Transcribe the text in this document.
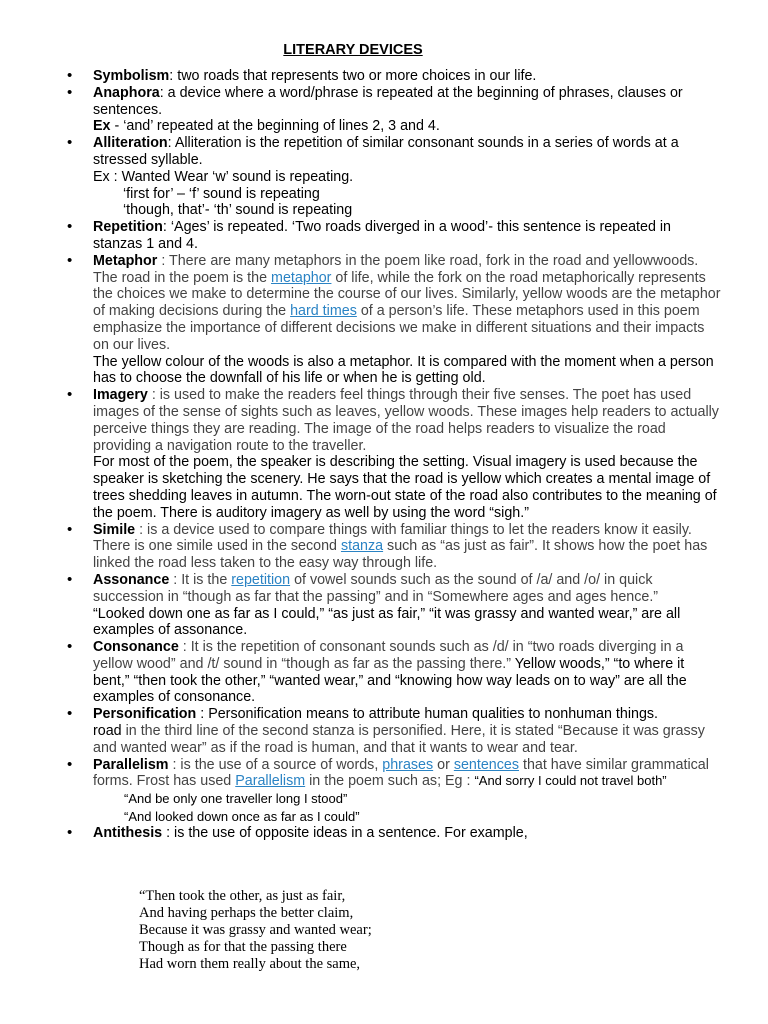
LITERARY DEVICES
• Symbolism: two roads that represents two or more choices in our life.
• Anaphora: a device where a word/phrase is repeated at the beginning of phrases, clauses or sentences.
Ex - ‘and’ repeated at the beginning of lines 2, 3 and 4.
• Alliteration: Alliteration is the repetition of similar consonant sounds in a series of words at a stressed syllable.
Ex : Wanted Wear ‘w’ sound is repeating.
‘first for’ – ‘f’ sound is repeating
‘though, that’- ‘th’ sound is repeating
• Repetition: ‘Ages’ is repeated. ‘Two roads diverged in a wood’- this sentence is repeated in stanzas 1 and 4.
• Metaphor : There are many metaphors in the poem like road, fork in the road and yellowwoods. The road in the poem is the metaphor of life, while the fork on the road metaphorically represents the choices we make to determine the course of our lives. Similarly, yellow woods are the metaphor of making decisions during the hard times of a person’s life. These metaphors used in this poem emphasize the importance of different decisions we make in different situations and their impacts on our lives.
The yellow colour of the woods is also a metaphor. It is compared with the moment when a person has to choose the downfall of his life or when he is getting old.
• Imagery : is used to make the readers feel things through their five senses. The poet has used images of the sense of sights such as leaves, yellow woods. These images help readers to actually perceive things they are reading. The image of the road helps readers to visualize the road providing a navigation route to the traveller.
For most of the poem, the speaker is describing the setting. Visual imagery is used because the speaker is sketching the scenery. He says that the road is yellow which creates a mental image of trees shedding leaves in autumn. The worn-out state of the road also contributes to the meaning of the poem. There is auditory imagery as well by using the word “sigh.”
• Simile : is a device used to compare things with familiar things to let the readers know it easily. There is one simile used in the second stanza such as “as just as fair”. It shows how the poet has linked the road less taken to the easy way through life.
• Assonance : It is the repetition of vowel sounds such as the sound of /a/ and /o/ in quick succession in “though as far that the passing” and in “Somewhere ages and ages hence.”
“Looked down one as far as I could,” “as just as fair,” “it was grassy and wanted wear,” are all examples of assonance.
• Consonance : It is the repetition of consonant sounds such as /d/ in “two roads diverging in a yellow wood” and /t/ sound in “though as far as the passing there.” Yellow woods,” “to where it bent,” “then took the other,” “wanted wear,” and “knowing how way leads on to way” are all the examples of consonance.
• Personification : Personification means to attribute human qualities to nonhuman things.
road in the third line of the second stanza is personified. Here, it is stated “Because it was grassy and wanted wear” as if the road is human, and that it wants to wear and tear.
• Parallelism : is the use of a source of words, phrases or sentences that have similar grammatical forms. Frost has used Parallelism in the poem such as; Eg : “And sorry I could not travel both”
“And be only one traveller long I stood”
“And looked down once as far as I could”
• Antithesis : is the use of opposite ideas in a sentence. For example,
“Then took the other, as just as fair,
And having perhaps the better claim,
Because it was grassy and wanted wear;
Though as for that the passing there
Had worn them really about the same,
